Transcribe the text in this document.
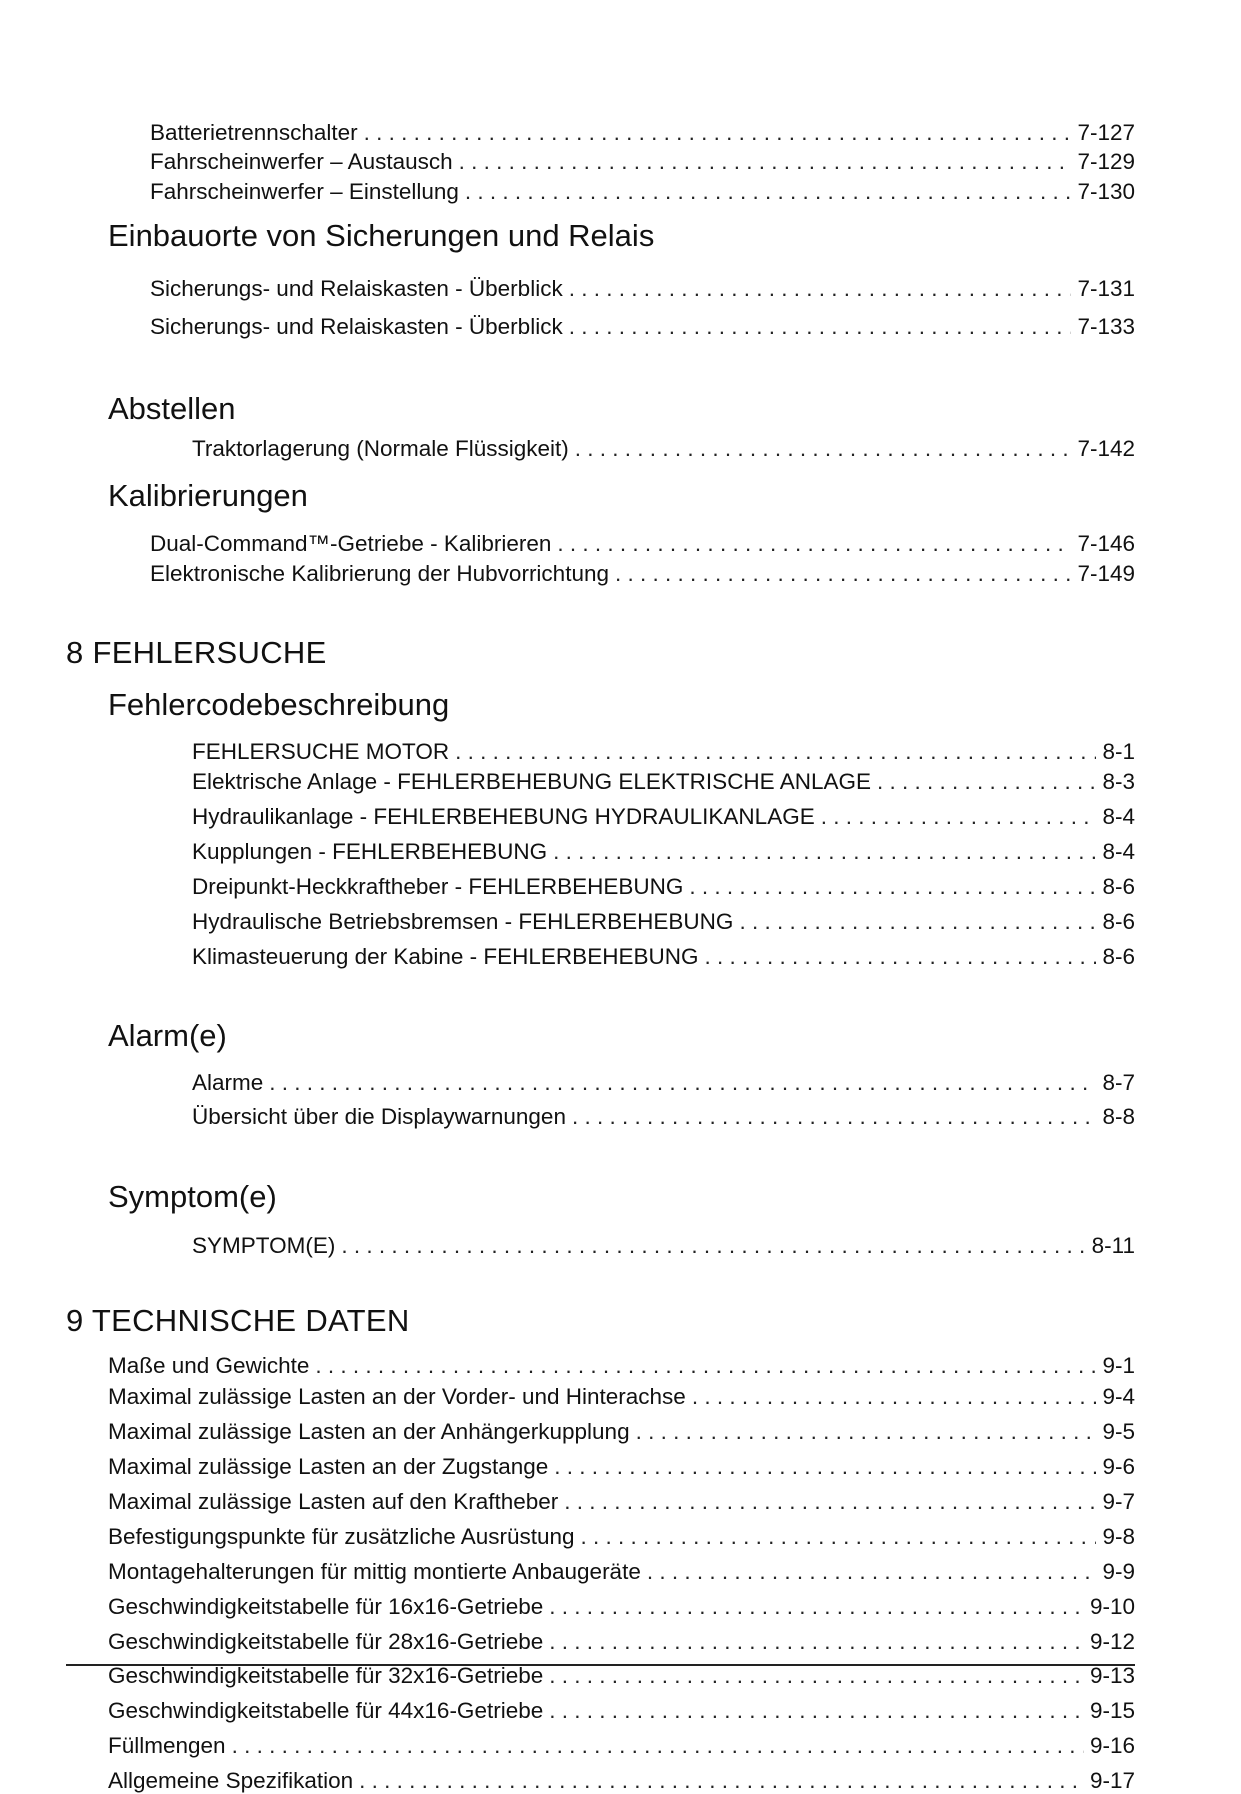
Batterietrennschalter . . .	7-127
Fahrscheinwerfer – Austausch . . .	7-129
Fahrscheinwerfer – Einstellung . . .	7-130
Einbauorte von Sicherungen und Relais
Sicherungs- und Relaiskasten - Überblick . . .	7-131
Sicherungs- und Relaiskasten - Überblick . . .	7-133
Abstellen
Traktorlagerung (Normale Flüssigkeit) . . .	7-142
Kalibrierungen
Dual-Command™-Getriebe - Kalibrieren . . .	7-146
Elektronische Kalibrierung der Hubvorrichtung . . .	7-149
8 FEHLERSUCHE
Fehlercodebeschreibung
FEHLERSUCHE MOTOR . . .	8-1
Elektrische Anlage - FEHLERBEHEBUNG ELEKTRISCHE ANLAGE . . .	8-3
Hydraulikanlage - FEHLERBEHEBUNG HYDRAULIKANLAGE . . .	8-4
Kupplungen - FEHLERBEHEBUNG . . .	8-4
Dreipunkt-Heckkraftheber - FEHLERBEHEBUNG . . .	8-6
Hydraulische Betriebsbremsen - FEHLERBEHEBUNG . . .	8-6
Klimasteuerung der Kabine - FEHLERBEHEBUNG . . .	8-6
Alarm(e)
Alarme . . .	8-7
Übersicht über die Displaywarnungen . . .	8-8
Symptom(e)
SYMPTOM(E) . . .	8-11
9 TECHNISCHE DATEN
Maße und Gewichte . . .	9-1
Maximal zulässige Lasten an der Vorder- und Hinterachse . . .	9-4
Maximal zulässige Lasten an der Anhängerkupplung . . .	9-5
Maximal zulässige Lasten an der Zugstange . . .	9-6
Maximal zulässige Lasten auf den Kraftheber . . .	9-7
Befestigungspunkte für zusätzliche Ausrüstung . . .	9-8
Montagehalterungen für mittig montierte Anbaugeräte . . .	9-9
Geschwindigkeitstabelle für 16x16-Getriebe . . .	9-10
Geschwindigkeitstabelle für 28x16-Getriebe . . .	9-12
Geschwindigkeitstabelle für 32x16-Getriebe . . .	9-13
Geschwindigkeitstabelle für 44x16-Getriebe . . .	9-15
Füllmengen . . .	9-16
Allgemeine Spezifikation . . .	9-17
